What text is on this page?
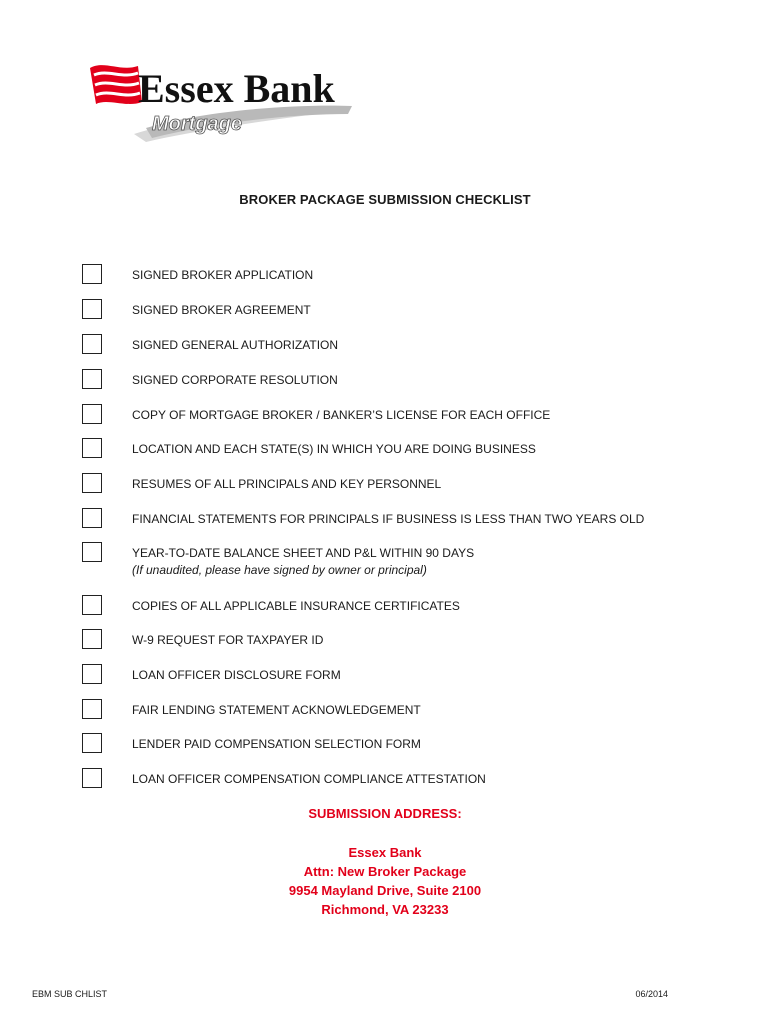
Essex Bank
Mortgage
BROKER PACKAGE SUBMISSION CHECKLIST
SIGNED BROKER APPLICATION
SIGNED BROKER AGREEMENT
SIGNED GENERAL AUTHORIZATION
SIGNED CORPORATE RESOLUTION
COPY OF MORTGAGE BROKER / BANKER’S LICENSE FOR EACH OFFICE
LOCATION AND EACH STATE(S) IN WHICH YOU ARE DOING BUSINESS
RESUMES OF ALL PRINCIPALS AND KEY PERSONNEL
FINANCIAL STATEMENTS FOR PRINCIPALS IF BUSINESS IS LESS THAN TWO YEARS OLD
YEAR-TO-DATE BALANCE SHEET AND P&L WITHIN 90 DAYS
(If unaudited, please have signed by owner or principal)
COPIES OF ALL APPLICABLE INSURANCE CERTIFICATES
W-9 REQUEST FOR TAXPAYER ID
LOAN OFFICER DISCLOSURE FORM
FAIR LENDING STATEMENT ACKNOWLEDGEMENT
LENDER PAID COMPENSATION SELECTION FORM
LOAN OFFICER COMPENSATION COMPLIANCE ATTESTATION
SUBMISSION ADDRESS:
Essex Bank
Attn: New Broker Package
9954 Mayland Drive, Suite 2100
Richmond, VA 23233
EBM SUB CHLIST	06/2014
